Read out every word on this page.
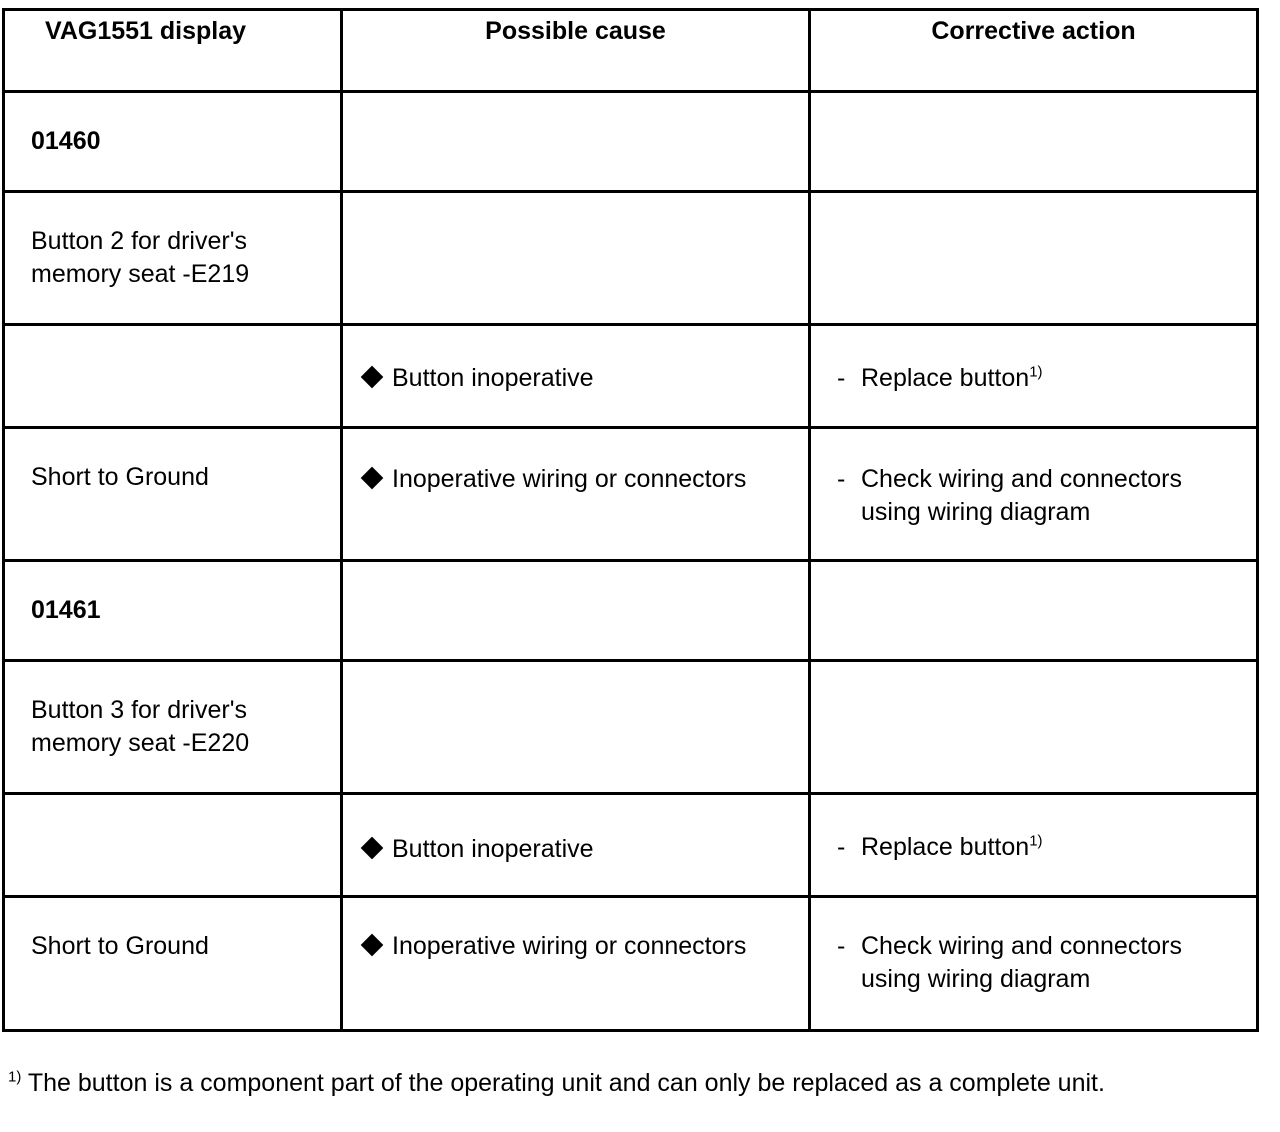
VAG1551 display	Possible cause	Corrective action

01460		

Button 2 for driver's memory seat -E219		

	Button inoperative	- Replace button$^{1)}$

Short to Ground	Inoperative wiring or connectors	- Check wiring and connectors using wiring diagram

01461		

Button 3 for driver's memory seat -E220		

	Button inoperative	- Replace button$^{1)}$

Short to Ground	Inoperative wiring or connectors	- Check wiring and connectors using wiring diagram
$^{1)}$ The button is a component part of the operating unit and can only be replaced as a complete unit.
